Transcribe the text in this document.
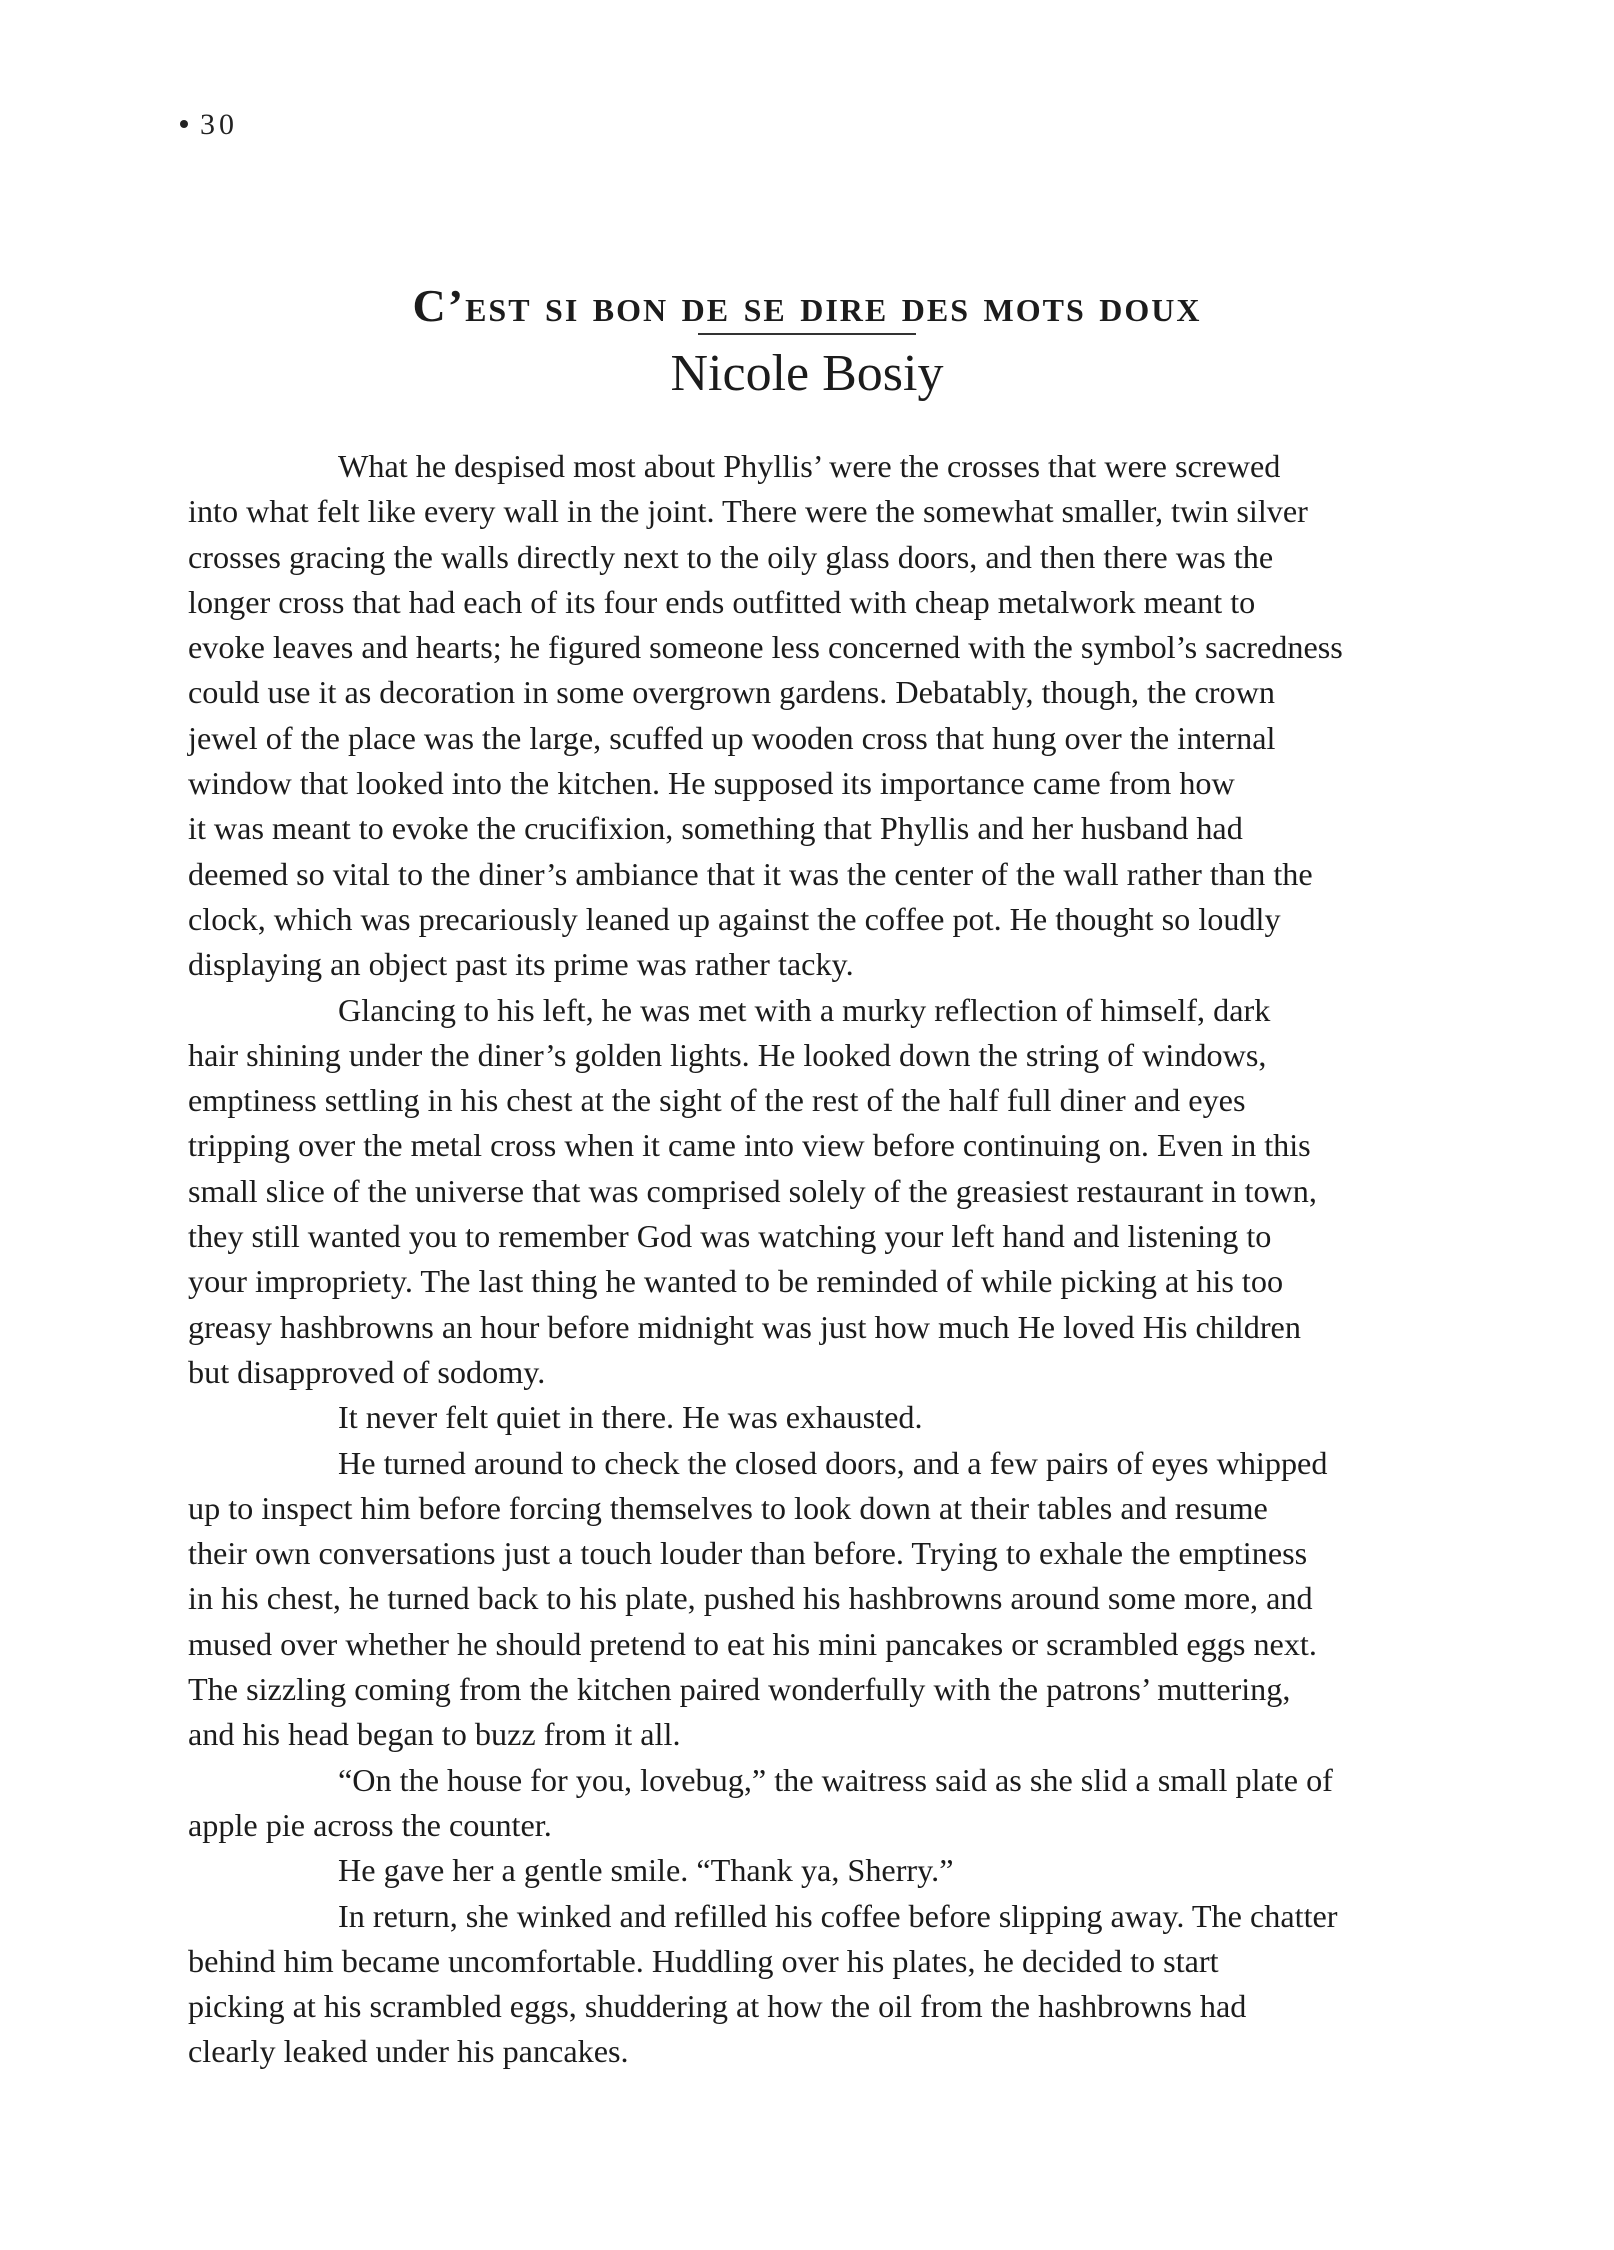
30
C’est si bon de se dire des mots doux
Nicole Bosiy
What he despised most about Phyllis’ were the crosses that were screwed
into what felt like every wall in the joint. There were the somewhat smaller, twin silver
crosses gracing the walls directly next to the oily glass doors, and then there was the
longer cross that had each of its four ends outfitted with cheap metalwork meant to
evoke leaves and hearts; he figured someone less concerned with the symbol’s sacredness
could use it as decoration in some overgrown gardens. Debatably, though, the crown
jewel of the place was the large, scuffed up wooden cross that hung over the internal
window that looked into the kitchen. He supposed its importance came from how
it was meant to evoke the crucifixion, something that Phyllis and her husband had
deemed so vital to the diner’s ambiance that it was the center of the wall rather than the
clock, which was precariously leaned up against the coffee pot. He thought so loudly
displaying an object past its prime was rather tacky.
Glancing to his left, he was met with a murky reflection of himself, dark
hair shining under the diner’s golden lights. He looked down the string of windows,
emptiness settling in his chest at the sight of the rest of the half full diner and eyes
tripping over the metal cross when it came into view before continuing on. Even in this
small slice of the universe that was comprised solely of the greasiest restaurant in town,
they still wanted you to remember God was watching your left hand and listening to
your impropriety. The last thing he wanted to be reminded of while picking at his too
greasy hashbrowns an hour before midnight was just how much He loved His children
but disapproved of sodomy.
It never felt quiet in there. He was exhausted.
He turned around to check the closed doors, and a few pairs of eyes whipped
up to inspect him before forcing themselves to look down at their tables and resume
their own conversations just a touch louder than before. Trying to exhale the emptiness
in his chest, he turned back to his plate, pushed his hashbrowns around some more, and
mused over whether he should pretend to eat his mini pancakes or scrambled eggs next.
The sizzling coming from the kitchen paired wonderfully with the patrons’ muttering,
and his head began to buzz from it all.
“On the house for you, lovebug,” the waitress said as she slid a small plate of
apple pie across the counter.
He gave her a gentle smile. “Thank ya, Sherry.”
In return, she winked and refilled his coffee before slipping away. The chatter
behind him became uncomfortable. Huddling over his plates, he decided to start
picking at his scrambled eggs, shuddering at how the oil from the hashbrowns had
clearly leaked under his pancakes.
